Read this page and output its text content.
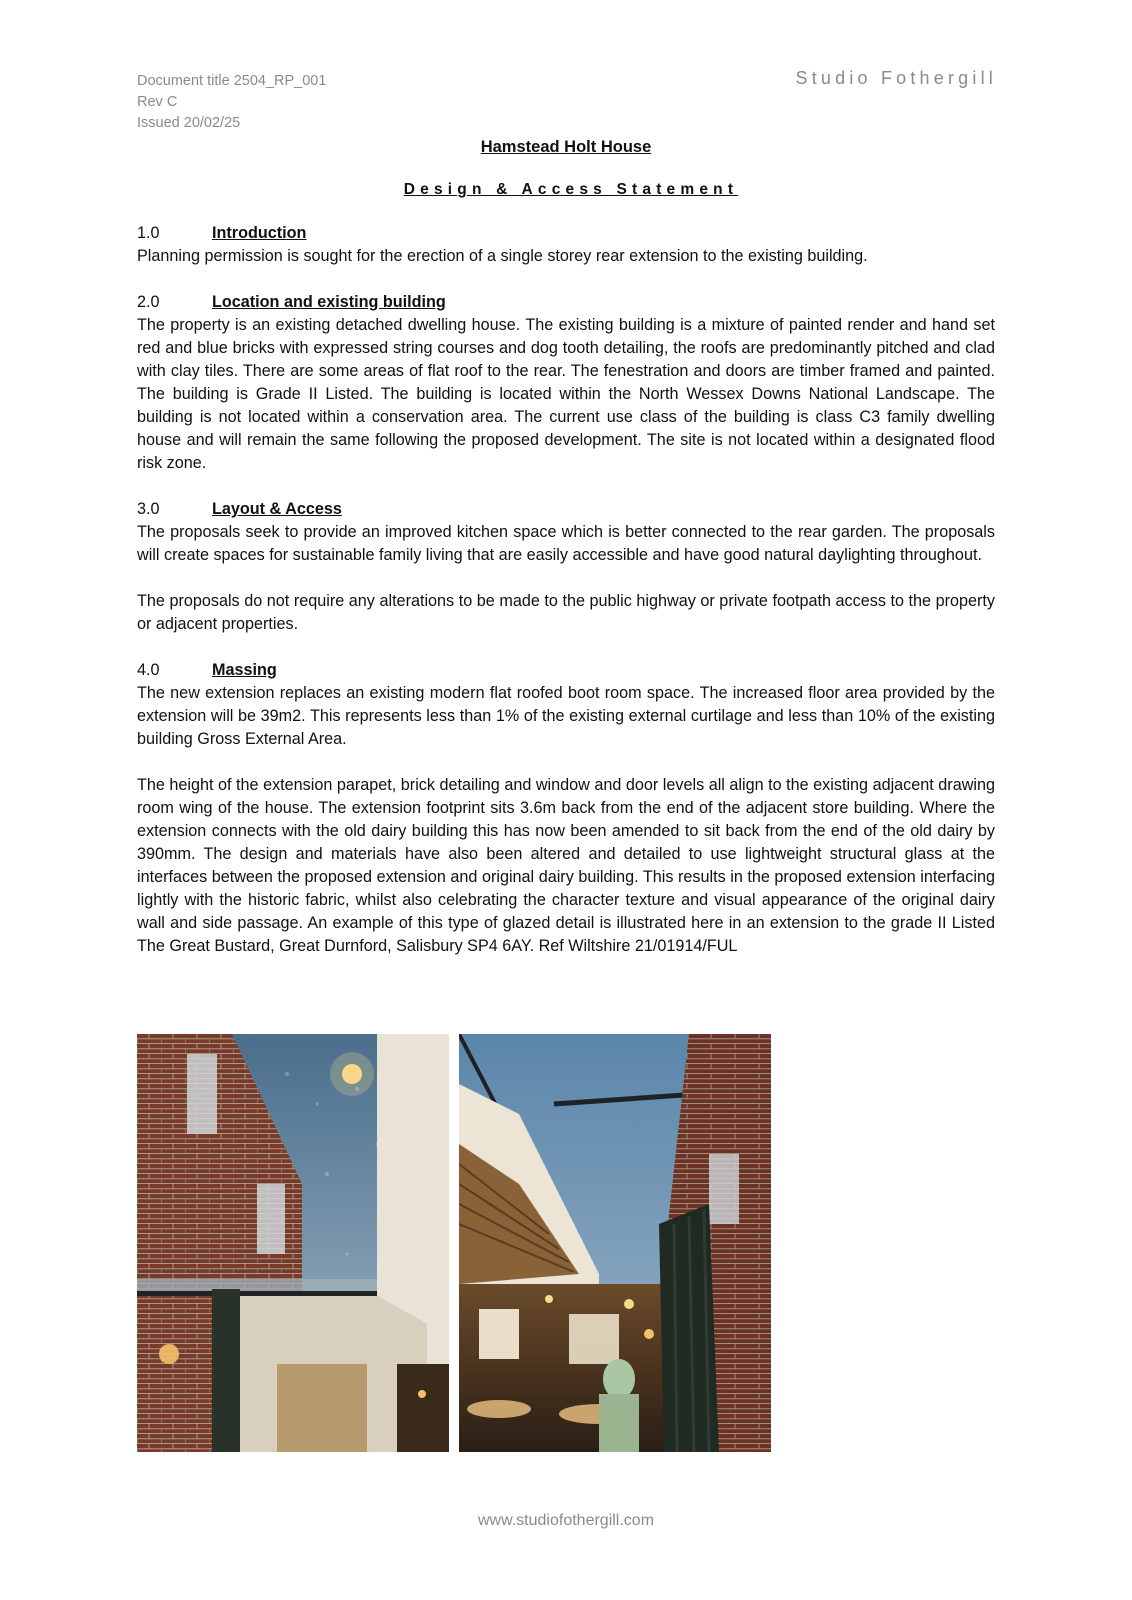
Document title 2504_RP_001
Rev C
Issued 20/02/25
Studio Fothergill
Hamstead Holt House
Design & Access Statement
1.0	Introduction

Planning permission is sought for the erection of a single storey rear extension to the existing building.

2.0	Location and existing building

The property is an existing detached dwelling house. The existing building is a mixture of painted render and hand set red and blue bricks with expressed string courses and dog tooth detailing, the roofs are predominantly pitched and clad with clay tiles. There are some areas of flat roof to the rear. The fenestration and doors are timber framed and painted. The building is Grade II Listed. The building is located within the North Wessex Downs National Landscape. The building is not located within a conservation area. The current use class of the building is class C3 family dwelling house and will remain the same following the proposed development. The site is not located within a designated flood risk zone.

3.0	Layout & Access

The proposals seek to provide an improved kitchen space which is better connected to the rear garden. The proposals will create spaces for sustainable family living that are easily accessible and have good natural daylighting throughout.

The proposals do not require any alterations to be made to the public highway or private footpath access to the property or adjacent properties.

4.0	Massing

The new extension replaces an existing modern flat roofed boot room space. The increased floor area provided by the extension will be 39m2. This represents less than 1% of the existing external curtilage and less than 10% of the existing building Gross External Area.

The height of the extension parapet, brick detailing and window and door levels all align to the existing adjacent drawing room wing of the house. The extension footprint sits 3.6m back from the end of the adjacent store building. Where the extension connects with the old dairy building this has now been amended to sit back from the end of the old dairy by 390mm. The design and materials have also been altered and detailed to use lightweight structural glass at the interfaces between the proposed extension and original dairy building. This results in the proposed extension interfacing lightly with the historic fabric, whilst also celebrating the character texture and visual appearance of the original dairy wall and side passage. An example of this type of glazed detail is illustrated here in an extension to the grade II Listed The Great Bustard, Great Durnford, Salisbury SP4 6AY. Ref Wiltshire 21/01914/FUL

www.studiofothergill.com
